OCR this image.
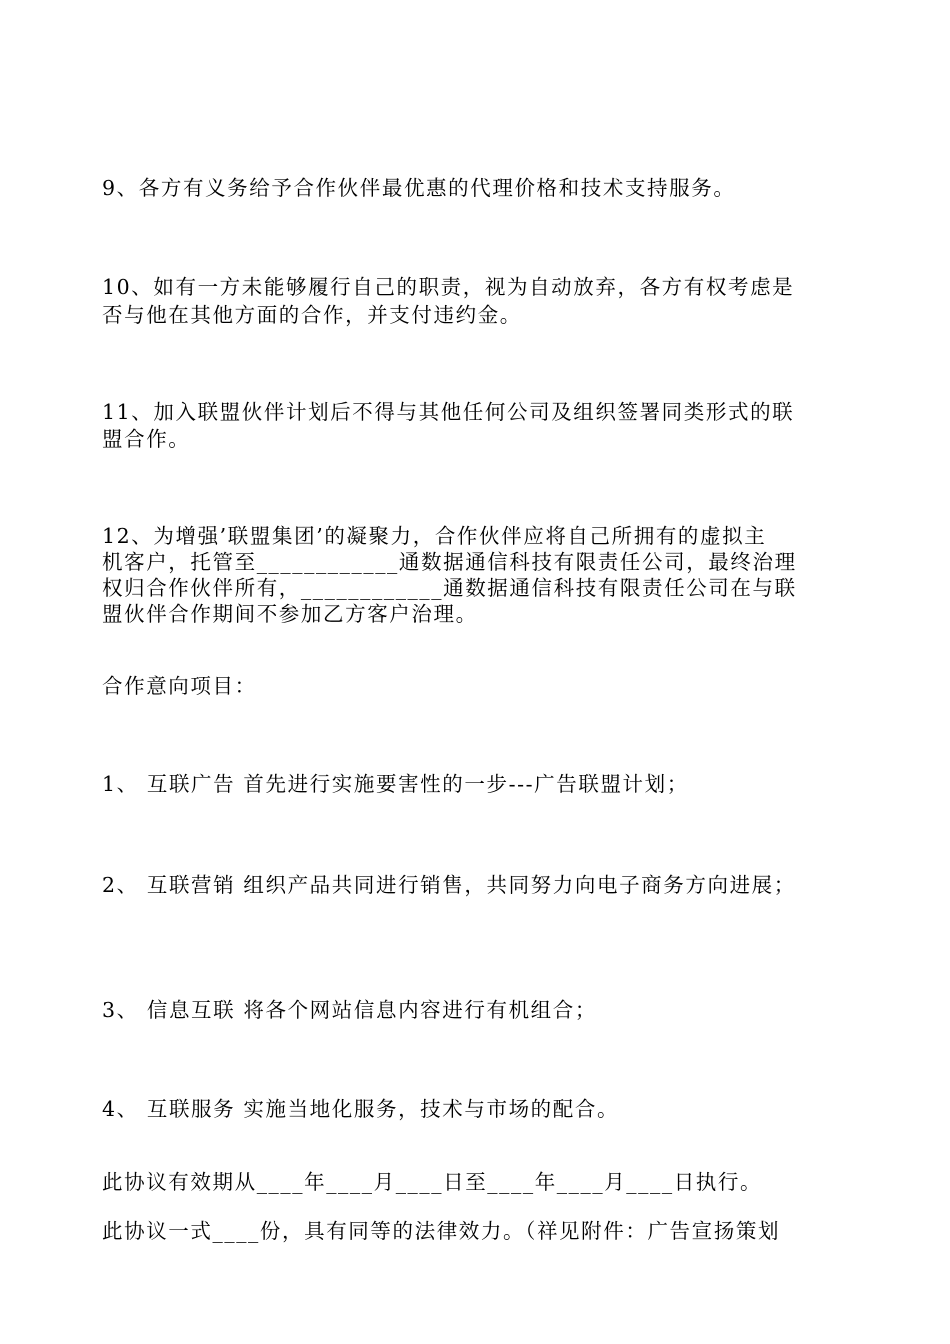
9、各方有义务给予合作伙伴最优惠的代理价格和技术支持服务。
10、如有一方未能够履行自己的职责，视为自动放弃，各方有权考虑是
否与他在其他方面的合作，并支付违约金。
11、加入联盟伙伴计划后不得与其他任何公司及组织签署同类形式的联
盟合作。
12、为增强’联盟集团’的凝聚力，合作伙伴应将自己所拥有的虚拟主
机客户，托管至____________通数据通信科技有限责任公司，最终治理
权归合作伙伴所有，____________通数据通信科技有限责任公司在与联
盟伙伴合作期间不参加乙方客户治理。
合作意向项目：
1、 互联广告 首先进行实施要害性的一步---广告联盟计划；
2、 互联营销 组织产品共同进行销售，共同努力向电子商务方向进展；
3、 信息互联 将各个网站信息内容进行有机组合；
4、 互联服务 实施当地化服务，技术与市场的配合。
此协议有效期从____年____月____日至____年____月____日执行。
此协议一式____份，具有同等的法律效力。（祥见附件：广告宣扬策划
